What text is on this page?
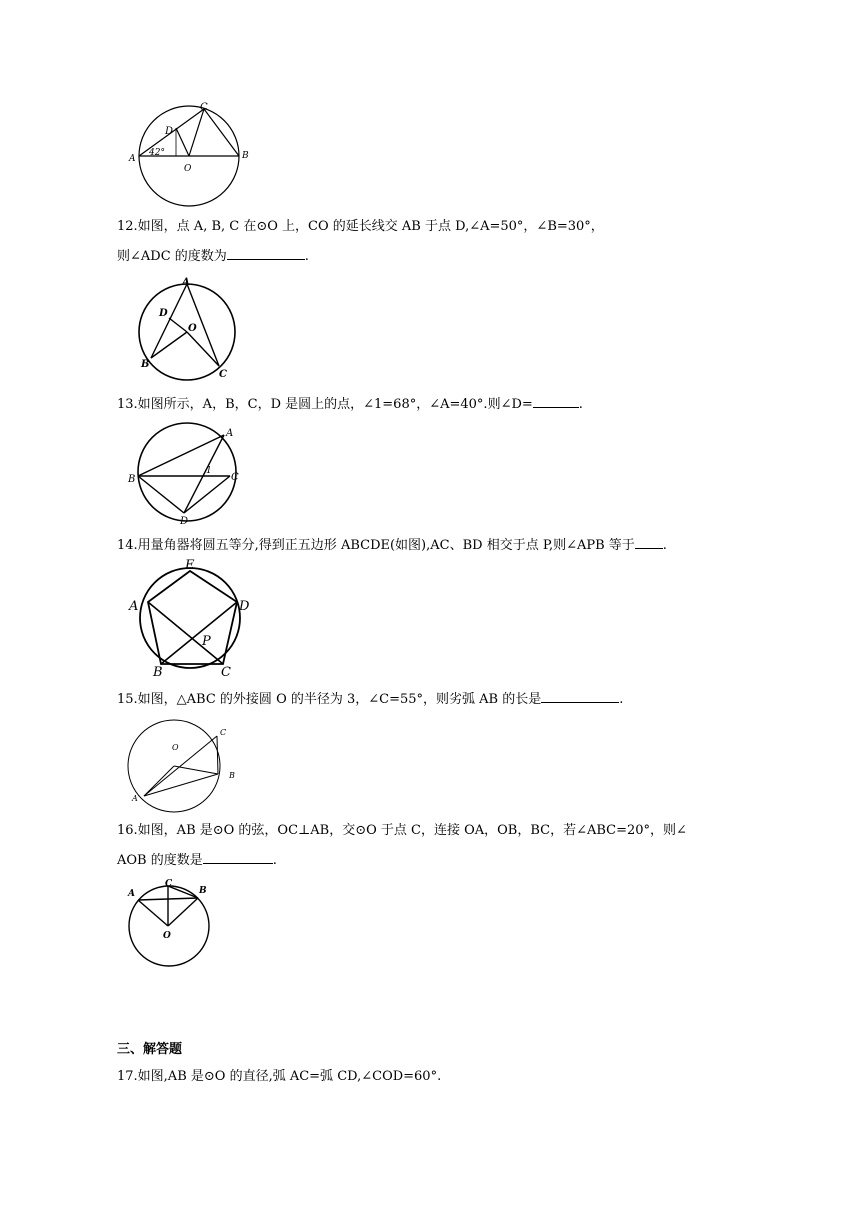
C
D
A	B
O
42°
12.如图，点 A, B, C 在⊙O 上，CO 的延长线交 AB 于点 D,∠A=50°，∠B=30°，
则∠ADC 的度数为	.
A
D
O
B
C
13.如图所示，A，B，C，D 是圆上的点，∠1=68°，∠A=40°.则∠D=	.
A
B	C
D
1
14.用量角器将圆五等分,得到正五边形 ABCDE(如图),AC、BD 相交于点 P,则∠APB 等于 .
E
A	D
P
B	C
15.如图，△ABC 的外接圆 O 的半径为 3，∠C=55°，则劣弧 AB 的长是	.
O
C
B
A
16.如图，AB 是⊙O 的弦，OC⊥AB，交⊙O 于点 C，连接 OA，OB，BC，若∠ABC=20°，则∠
AOB 的度数是	.
C
A	B
O
三、解答题
17.如图,AB 是⊙O 的直径,弧 AC=弧 CD,∠COD=60°.
